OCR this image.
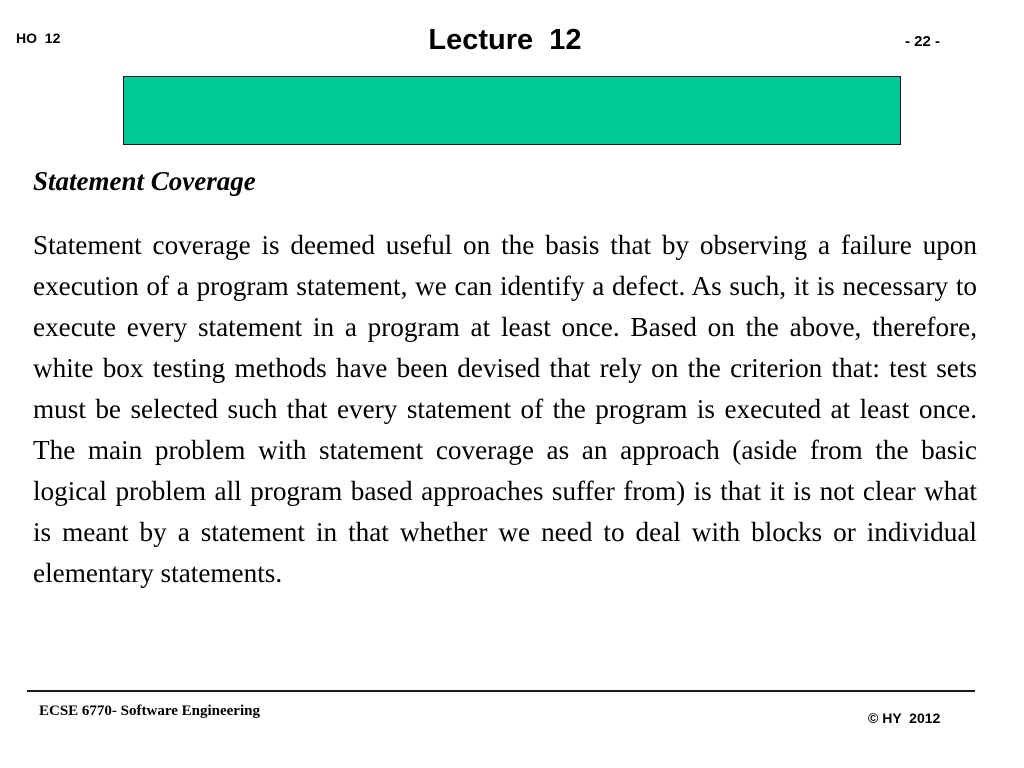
HO  12	Lecture  12	- 22 -
Statement Coverage

Statement coverage is deemed useful on the basis that by observing a failure upon execution of a program statement, we can identify a defect. As such, it is necessary to execute every statement in a program at least once. Based on the above, therefore, white box testing methods have been devised that rely on the criterion that: test sets must be selected such that every statement of the program is executed at least once. The main problem with statement coverage as an approach (aside from the basic logical problem all program based approaches suffer from) is that it is not clear what is meant by a statement in that whether we need to deal with blocks or individual elementary statements.

ECSE 6770- Software Engineering	© HY  2012
